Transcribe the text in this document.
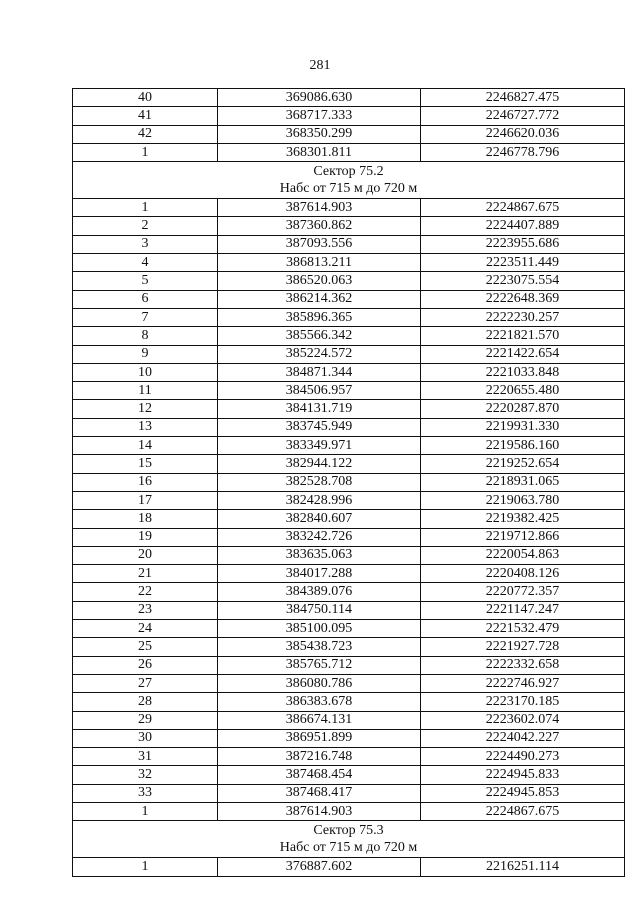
281
40	369086.630	2246827.475
41	368717.333	2246727.772
42	368350.299	2246620.036
1	368301.811	2246778.796

Сектор 75.2
Набс от 715 м до 720 м		

1	387614.903	2224867.675
2	387360.862	2224407.889
3	387093.556	2223955.686
4	386813.211	2223511.449
5	386520.063	2223075.554
6	386214.362	2222648.369
7	385896.365	2222230.257
8	385566.342	2221821.570
9	385224.572	2221422.654
10	384871.344	2221033.848
11	384506.957	2220655.480
12	384131.719	2220287.870
13	383745.949	2219931.330
14	383349.971	2219586.160
15	382944.122	2219252.654
16	382528.708	2218931.065
17	382428.996	2219063.780
18	382840.607	2219382.425
19	383242.726	2219712.866
20	383635.063	2220054.863
21	384017.288	2220408.126
22	384389.076	2220772.357
23	384750.114	2221147.247
24	385100.095	2221532.479
25	385438.723	2221927.728
26	385765.712	2222332.658
27	386080.786	2222746.927
28	386383.678	2223170.185
29	386674.131	2223602.074
30	386951.899	2224042.227
31	387216.748	2224490.273
32	387468.454	2224945.833
33	387468.417	2224945.853
1	387614.903	2224867.675

Сектор 75.3
Набс от 715 м до 720 м		

1	376887.602	2216251.114
